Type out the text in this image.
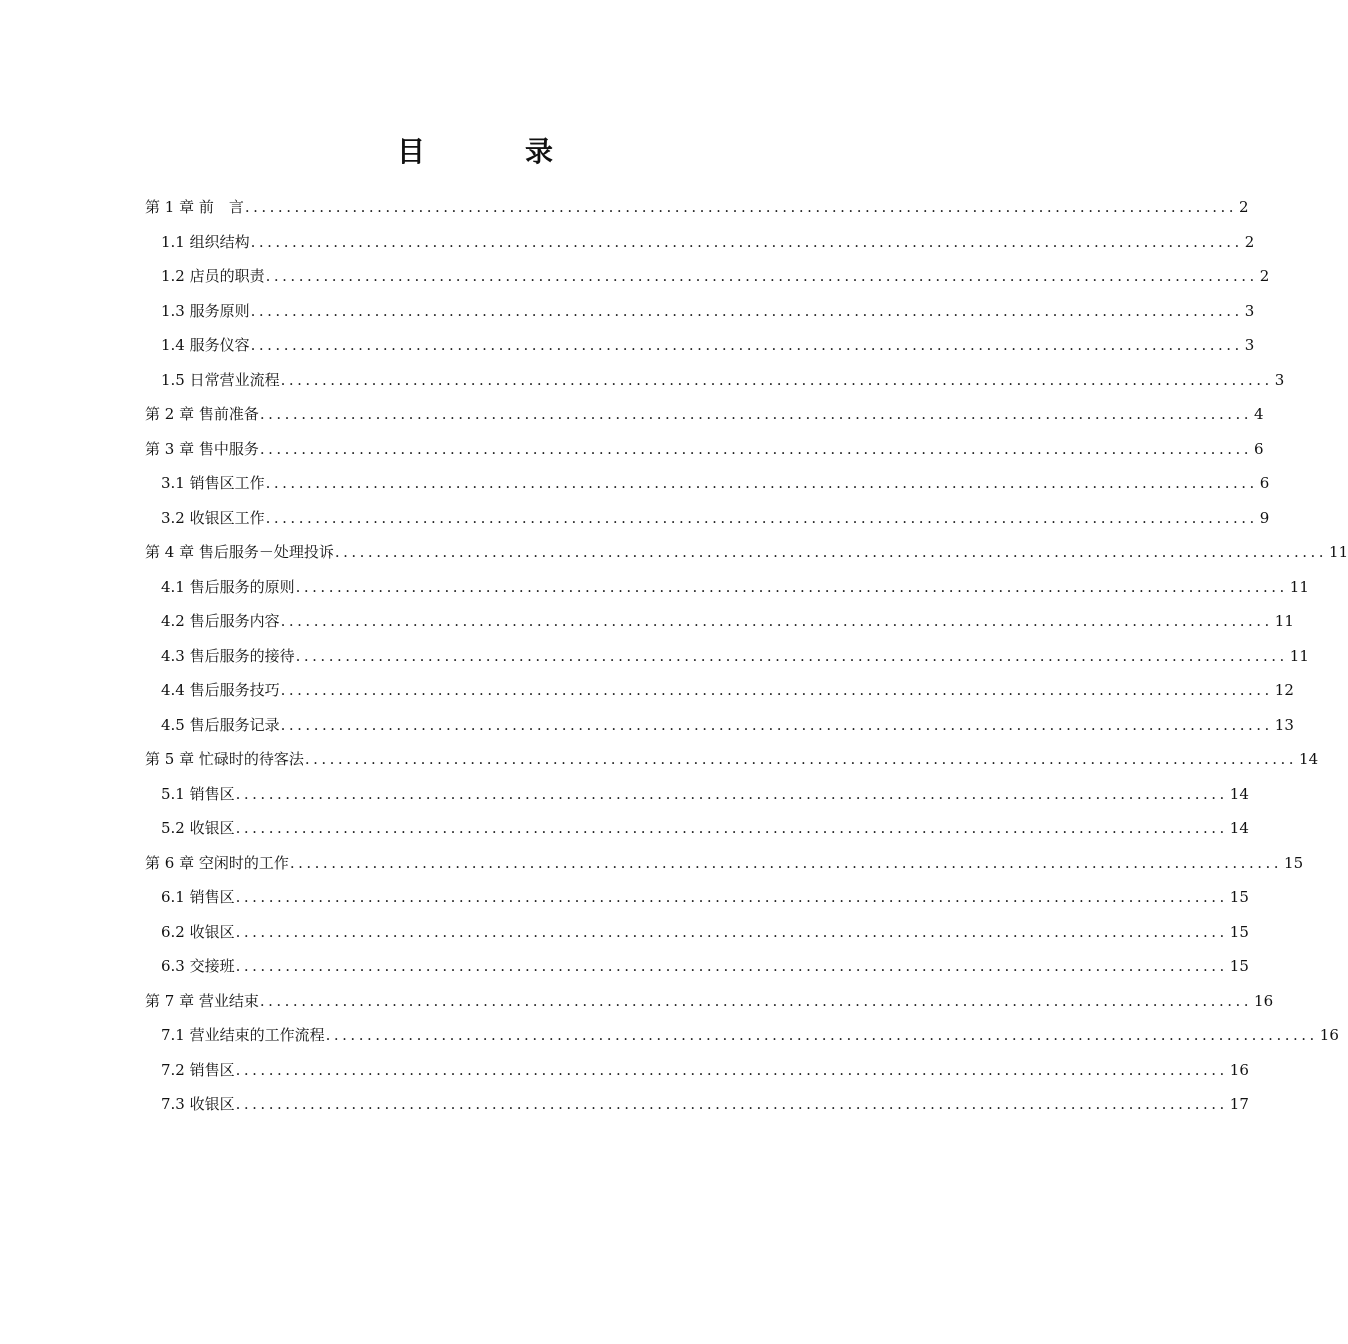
目　录
第 1 章 前　言 ........................................................................................................................ 2
1.1 组织结构 ........................................................................................................................ 2
1.2 店员的职责 ........................................................................................................................ 2
1.3 服务原则 ........................................................................................................................ 3
1.4 服务仪容 ........................................................................................................................ 3
1.5 日常营业流程 ........................................................................................................................ 3
第 2 章 售前准备 ........................................................................................................................ 4
第 3 章 售中服务 ........................................................................................................................ 6
3.1 销售区工作 ........................................................................................................................ 6
3.2 收银区工作 ........................................................................................................................ 9
第 4 章 售后服务－处理投诉 ........................................................................................................................ 11
4.1 售后服务的原则 ........................................................................................................................ 11
4.2 售后服务内容 ........................................................................................................................ 11
4.3 售后服务的接待 ........................................................................................................................ 11
4.4 售后服务技巧 ........................................................................................................................ 12
4.5 售后服务记录 ........................................................................................................................ 13
第 5 章 忙碌时的待客法 ........................................................................................................................ 14
5.1 销售区 ........................................................................................................................ 14
5.2 收银区 ........................................................................................................................ 14
第 6 章 空闲时的工作 ........................................................................................................................ 15
6.1 销售区 ........................................................................................................................ 15
6.2 收银区 ........................................................................................................................ 15
6.3 交接班 ........................................................................................................................ 15
第 7 章 营业结束 ........................................................................................................................ 16
7.1 营业结束的工作流程 ........................................................................................................................ 16
7.2 销售区 ........................................................................................................................ 16
7.3 收银区 ........................................................................................................................ 17
